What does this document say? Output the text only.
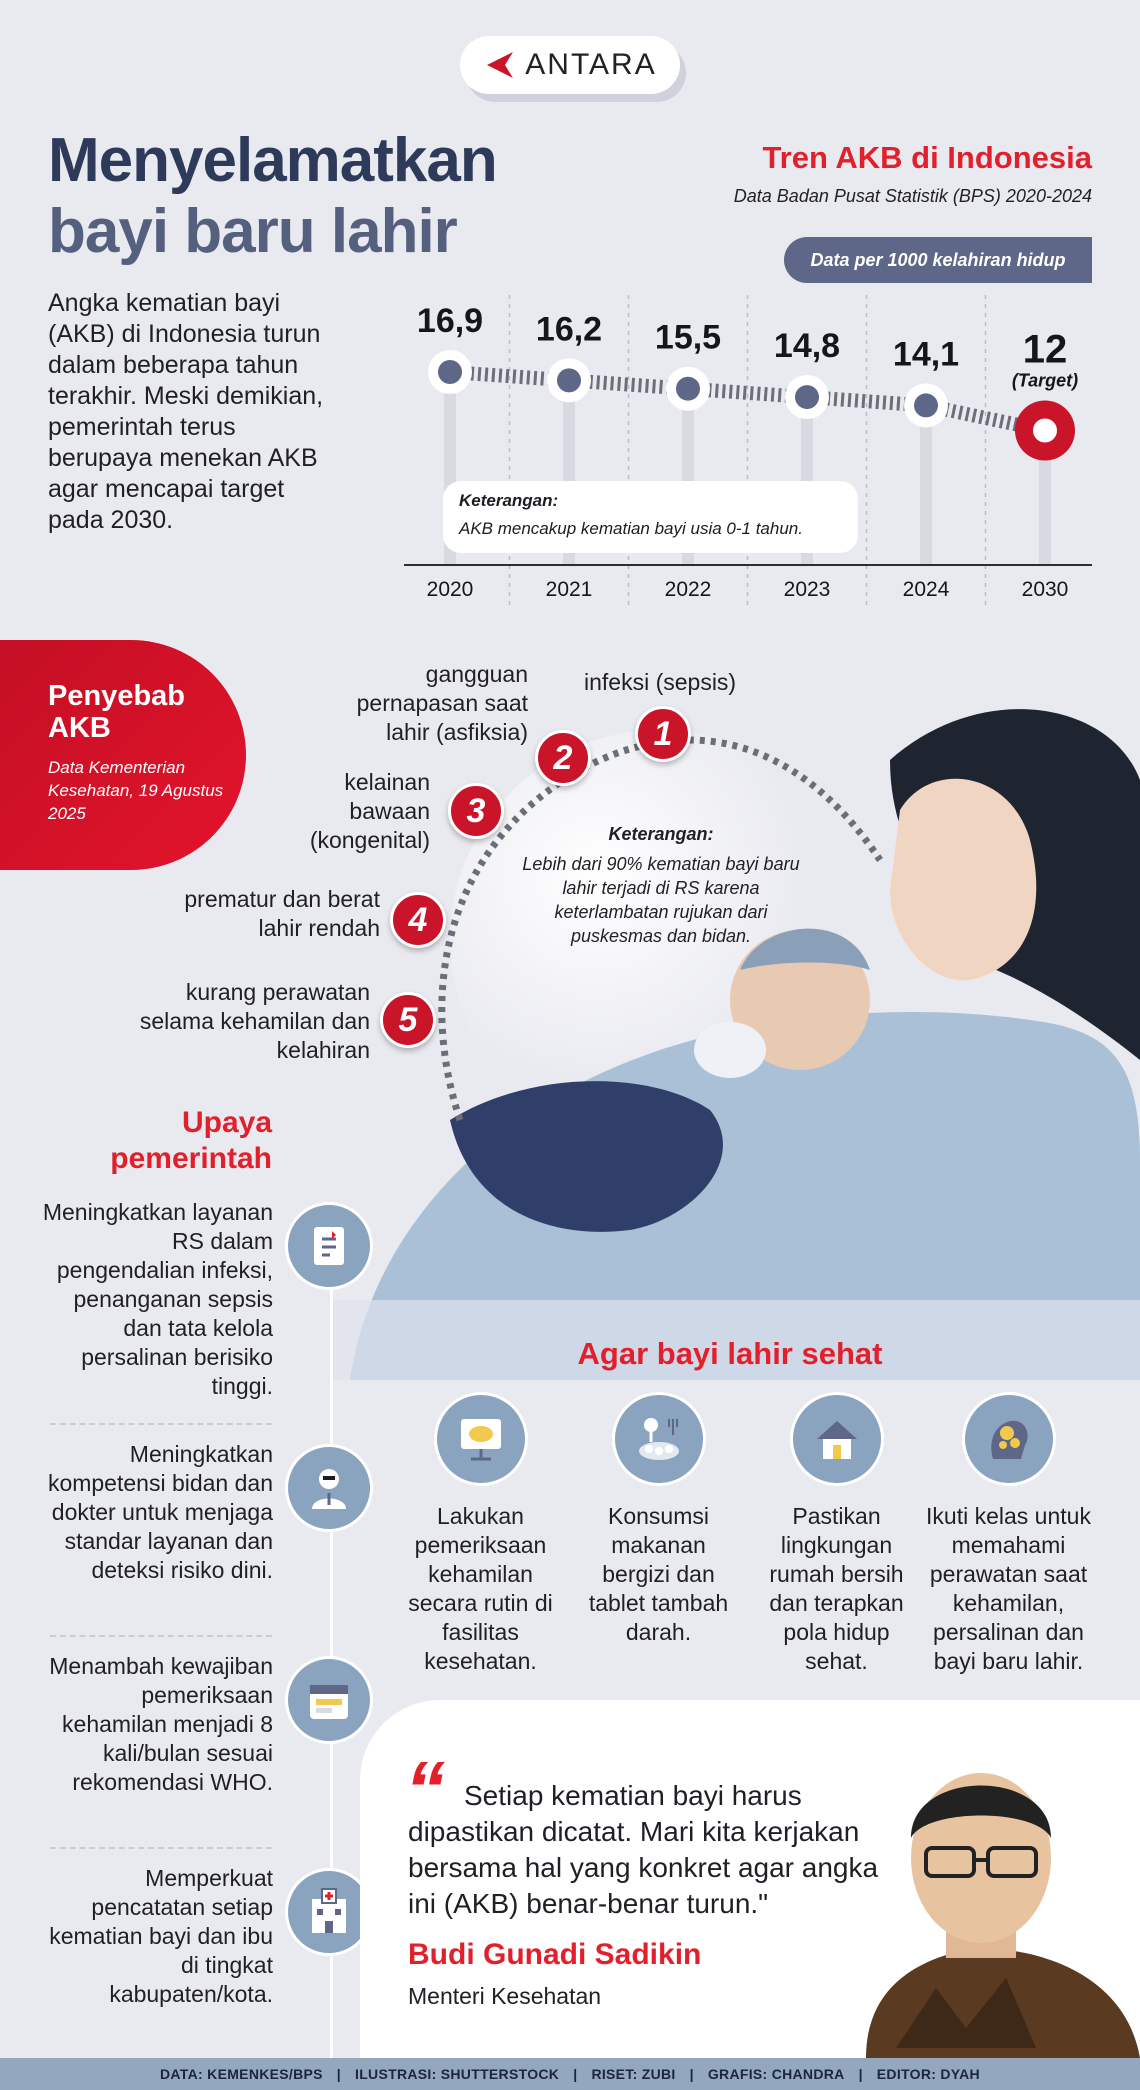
ANTARA
Menyelamatkan
bayi baru lahir
Angka kematian bayi (AKB) di Indonesia turun dalam beberapa tahun terakhir. Meski demikian, pemerintah terus berupaya menekan AKB agar mencapai target pada 2030.
Tren AKB di Indonesia
Data Badan Pusat Statistik (BPS) 2020-2024
Data per 1000 kelahiran hidup
16,9
2020
16,2
2021
15,5
2022
14,8
2023
14,1
2024
12
(Target)
2030
Keterangan:
AKB mencakup kematian bayi usia 0-1 tahun.
Penyebab AKB
Data Kementerian Kesehatan, 19 Agustus 2025
infeksi (sepsis)
1
gangguan pernapasan saat lahir (asfiksia)
2
kelainan bawaan (kongenital)
3
prematur dan berat lahir rendah 4
kurang perawatan selama kehamilan dan kelahiran
5
Keterangan:
Lebih dari 90% kematian bayi baru lahir terjadi di RS karena keterlambatan rujukan dari puskesmas dan bidan.
Upaya pemerintah
Meningkatkan layanan RS dalam pengendalian infeksi, penanganan sepsis dan tata kelola persalinan berisiko tinggi.
Meningkatkan kompetensi bidan dan dokter untuk menjaga standar layanan dan deteksi risiko dini.
Menambah kewajiban pemeriksaan kehamilan menjadi 8 kali/bulan sesuai rekomendasi WHO.
Memperkuat pencatatan setiap kematian bayi dan ibu di tingkat kabupaten/kota.
Agar bayi lahir sehat
Lakukan pemeriksaan kehamilan secara rutin di fasilitas kesehatan.
Konsumsi makanan bergizi dan tablet tambah darah.
Pastikan lingkungan rumah bersih dan terapkan pola hidup sehat.
Ikuti kelas untuk memahami perawatan saat kehamilan, persalinan dan bayi baru lahir.
“ Setiap kematian bayi harus dipastikan dicatat. Mari kita kerjakan bersama hal yang konkret agar angka ini (AKB) benar-benar turun."
Budi Gunadi Sadikin
Menteri Kesehatan
DATA: KEMENKES/BPS | ILUSTRASI: SHUTTERSTOCK | RISET: ZUBI | GRAFIS: CHANDRA | EDITOR: DYAH
